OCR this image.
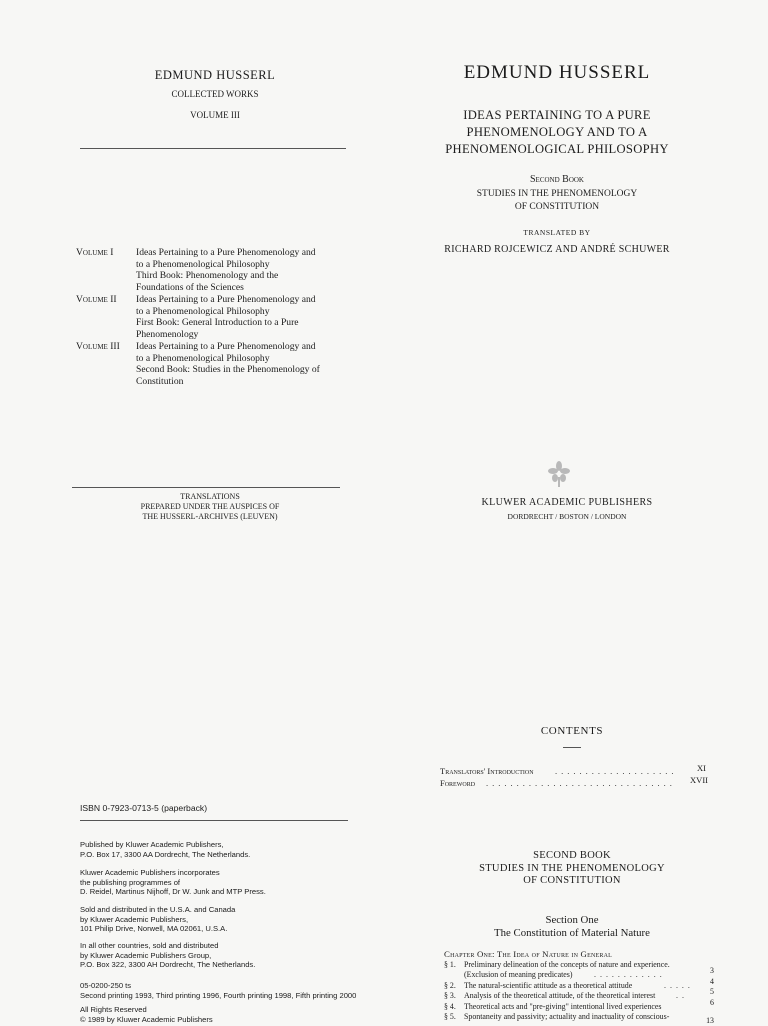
EDMUND HUSSERL
COLLECTED WORKS
VOLUME III
Volume I	Ideas Pertaining to a Pure Phenomenology and
to a Phenomenological Philosophy
Third Book: Phenomenology and the
Foundations of the Sciences
Volume II	Ideas Pertaining to a Pure Phenomenology and
to a Phenomenological Philosophy
First Book: General Introduction to a Pure
Phenomenology
Volume III	Ideas Pertaining to a Pure Phenomenology and
to a Phenomenological Philosophy
Second Book: Studies in the Phenomenology of
Constitution
TRANSLATIONS
PREPARED UNDER THE AUSPICES OF
THE HUSSERL-ARCHIVES (LEUVEN)
EDMUND HUSSERL
IDEAS PERTAINING TO A PURE
PHENOMENOLOGY AND TO A
PHENOMENOLOGICAL PHILOSOPHY
Second Book
STUDIES IN THE PHENOMENOLOGY
OF CONSTITUTION
TRANSLATED BY
RICHARD ROJCEWICZ AND ANDRÉ SCHUWER
KLUWER ACADEMIC PUBLISHERS
DORDRECHT / BOSTON / LONDON
ISBN 0-7923-0713-5 (paperback)
Published by Kluwer Academic Publishers,
P.O. Box 17, 3300 AA Dordrecht, The Netherlands.
Kluwer Academic Publishers incorporates
the publishing programmes of
D. Reidel, Martinus Nijhoff, Dr W. Junk and MTP Press.
Sold and distributed in the U.S.A. and Canada
by Kluwer Academic Publishers,
101 Philip Drive, Norwell, MA 02061, U.S.A.
In all other countries, sold and distributed
by Kluwer Academic Publishers Group,
P.O. Box 322, 3300 AH Dordrecht, The Netherlands.
05-0200-250 ts
Second printing 1993, Third printing 1996, Fourth printing 1998, Fifth printing 2000
All Rights Reserved
© 1989 by Kluwer Academic Publishers
CONTENTS
Translators' Introduction	.​.​.​.​.​.​.​.​.​.​.​.​.​.​.​.​.​.​.​. XI
Foreword .​.​.​.​.​.​.​.​.​.​.​.​.​.​.​.​.​.​.​.​.​.​.​.​.​.​.​.​.​.​. XVII
SECOND BOOK
STUDIES IN THE PHENOMENOLOGY
OF CONSTITUTION
Section One
The Constitution of Material Nature
Chapter One: The Idea of Nature in General
§ 1. Preliminary delineation of the concepts of nature and experience.
(Exclusion of meaning predicates)	.​.​.​.​.​.​.​.​.​.​.​.	3
§ 2. The natural-scientific attitude as a theoretical attitude	.​.​.​.​. 4
§ 3. Analysis of the theoretical attitude, of the theoretical interest	.​.	5
§ 4. Theoretical acts and "pre-giving" intentional lived experiences	6
§ 5. Spontaneity and passivity; actuality and inactuality of conscious-	13
